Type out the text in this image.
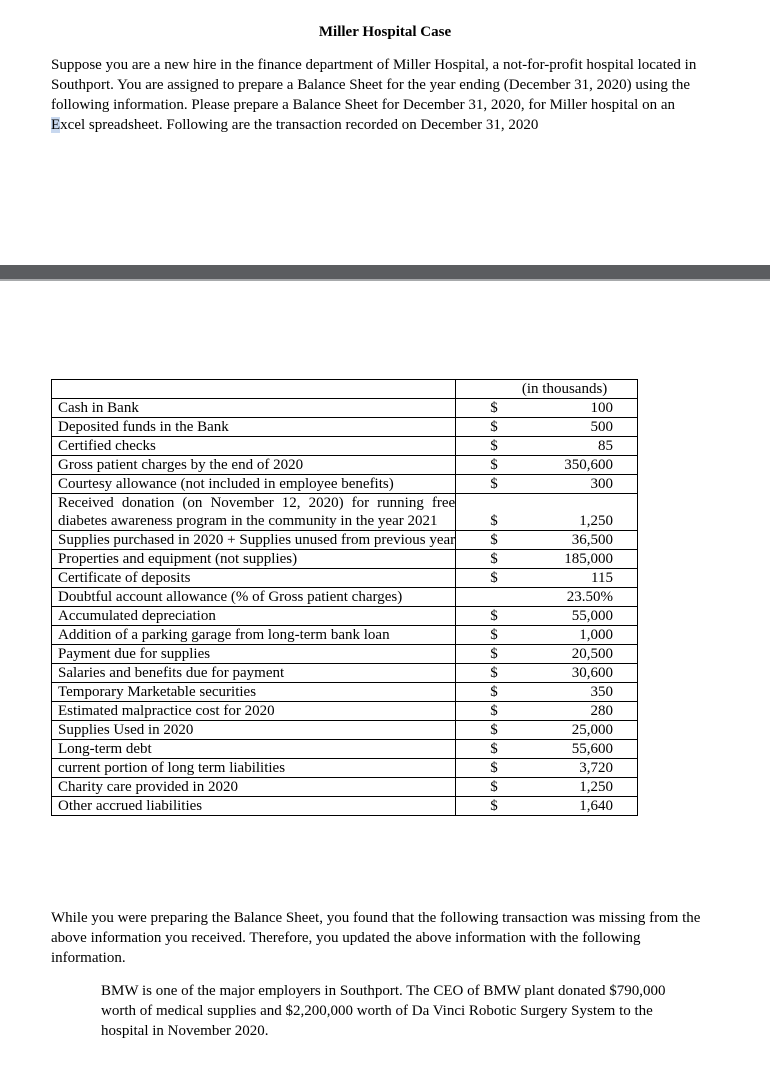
Miller Hospital Case
Suppose you are a new hire in the finance department of Miller Hospital, a not-for-profit hospital located in Southport. You are assigned to prepare a Balance Sheet for the year ending (December 31, 2020) using the following information. Please prepare a Balance Sheet for December 31, 2020, for Miller hospital on an Excel spreadsheet. Following are the transaction recorded on December 31, 2020

	(in thousands)

Cash in Bank	$ 100

Deposited funds in the Bank	$ 500

Certified checks	$ 85

Gross patient charges by the end of 2020	$ 350,600

Courtesy allowance (not included in employee benefits)	$ 300

Received donation (on November 12, 2020) for running free diabetes awareness program in the community in the year 2021	$ 1,250

Supplies purchased in 2020 + Supplies unused from previous year	$ 36,500

Properties and equipment (not supplies)	$ 185,000

Certificate of deposits	$ 115

Doubtful account allowance (% of Gross patient charges)	23.50%

Accumulated depreciation	$ 55,000

Addition of a parking garage from long-term bank loan	$ 1,000

Payment due for supplies	$ 20,500

Salaries and benefits due for payment	$ 30,600

Temporary Marketable securities	$ 350

Estimated malpractice cost for 2020	$ 280

Supplies Used in 2020	$ 25,000

Long-term debt	$ 55,600

current portion of long term liabilities	$ 3,720

Charity care provided in 2020	$ 1,250

Other accrued liabilities	$ 1,640
While you were preparing the Balance Sheet, you found that the following transaction was missing from the above information you received. Therefore, you updated the above information with the following information.
BMW is one of the major employers in Southport. The CEO of BMW plant donated $790,000 worth of medical supplies and $2,200,000 worth of Da Vinci Robotic Surgery System to the hospital in November 2020.
